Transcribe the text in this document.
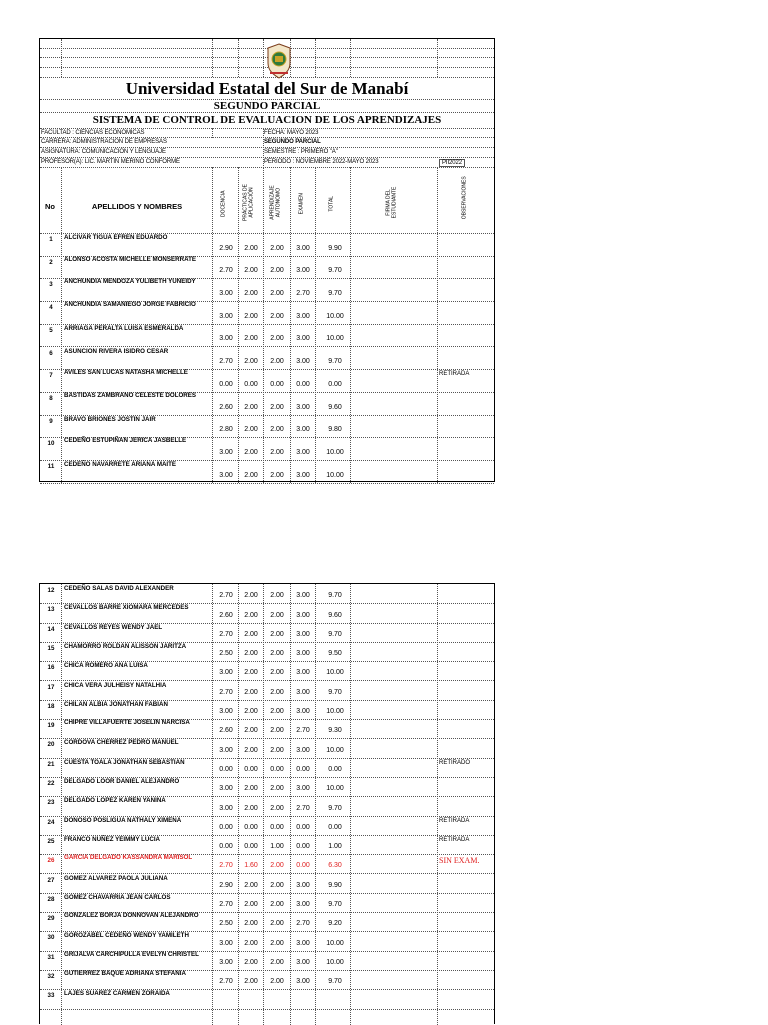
Universidad Estatal del Sur de Manabí
SEGUNDO PARCIAL
SISTEMA DE CONTROL DE EVALUACION DE LOS APRENDIZAJES
FACULTAD : CIENCIAS ECONOMICAS
CARRERA: ADMINISTRACION DE EMPRESAS
ASIGNATURA: COMUNICACIÓN Y LENGUAJE
PROFESOR(A): LIC. MARTIN MERINO CONFORME
FECHA: MAYO 2023
SEGUNDO PARCIAL
SEMESTRE : PRIMERO "A"
PERIODO : NOVIEMBRE 2022-MAYO 2023	PII2022
No	APELLIDOS Y NOMBRES	DOCENCIA	PRÁCTICAS DE APLICACIÓN	APRENDIZAJE AUTONOMO	EXAMEN	TOTAL	FIRMA DEL ESTUDIANTE	OBSERVACIONES
1	ALCIVAR TIGUA EFREN EDUARDO
2.90	2.00	2.00	3.00	9.90
2	ALONSO ACOSTA MICHELLE MONSERRATE
2.70	2.00	2.00	3.00	9.70
3	ANCHUNDIA MENDOZA YULIBETH YUNEIDY
3.00	2.00	2.00	2.70	9.70
4	ANCHUNDIA SAMANIEGO JORGE FABRICIO
3.00	2.00	2.00	3.00	10.00
5	ARRIAGA PERALTA LUISA ESMERALDA
3.00	2.00	2.00	3.00	10.00
6	ASUNCION RIVERA ISIDRO CESAR
2.70	2.00	2.00	3.00	9.70
7	AVILES SAN LUCAS NATASHA MICHELLE
0.00	0.00	0.00	0.00	0.00
RETIRADA
8	BASTIDAS ZAMBRANO CELESTE DOLORES
2.60	2.00	2.00	3.00	9.60
9	BRAVO BRIONES JOSTIN JAIR
2.80	2.00	2.00	3.00	9.80
10	CEDEÑO ESTUPIÑAN JERICA JASBELLE
3.00	2.00	2.00	3.00	10.00
11	CEDEÑO NAVARRETE ARIANA MAITE
3.00	2.00	2.00	3.00	10.00
12	CEDEÑO SALAS DAVID ALEXANDER
2.70	2.00	2.00	3.00	9.70
13	CEVALLOS BARRE XIOMARA MERCEDES
2.60	2.00	2.00	3.00	9.60
14	CEVALLOS REYES WENDY JAEL
2.70	2.00	2.00	3.00	9.70
15	CHAMORRO ROLDAN ALISSON JARITZA
2.50	2.00	2.00	3.00	9.50
16	CHICA ROMERO ANA LUISA
3.00	2.00	2.00	3.00	10.00
17	CHICA VERA JULHEISY NATALHIA
2.70	2.00	2.00	3.00	9.70
18	CHILAN ALBIA JONATHAN FABIAN
3.00	2.00	2.00	3.00	10.00
19	CHIPRE VILLAFUERTE JOSELIN NARCISA
2.60	2.00	2.00	2.70	9.30
20	CORDOVA CHERREZ PEDRO MANUEL
3.00	2.00	2.00	3.00	10.00
21	CUESTA TOALA JONATHAN SEBASTIAN
0.00	0.00	0.00	0.00	0.00
RETIRADO
22	DELGADO LOOR DANIEL ALEJANDRO
3.00	2.00	2.00	3.00	10.00
23	DELGADO LOPEZ KAREN YANINA
3.00	2.00	2.00	2.70	9.70
24	DONOSO POSLIGUA NATHALY XIMENA
0.00	0.00	0.00	0.00	0.00
RETIRADA
25	FRANCO NUÑEZ YEIMMY LUCIA
0.00	0.00	1.00	0.00	1.00
RETIRADA
26	GARCIA DELGADO KASSANDRA MARISOL
2.70	1.60	2.00	0.00	6.30
SIN EXAM.
27	GOMEZ ALVAREZ PAOLA JULIANA
2.90	2.00	2.00	3.00	9.90
28	GOMEZ CHAVARRIA JEAN CARLOS
2.70	2.00	2.00	3.00	9.70
29	GONZALEZ BORJA DONNOVAN ALEJANDRO
2.50	2.00	2.00	2.70	9.20
30	GOROZABEL CEDEÑO WENDY YAMILETH
3.00	2.00	2.00	3.00	10.00
31	GRIJALVA CARCHIPULLA EVELYN CHRISTEL
3.00	2.00	2.00	3.00	10.00
32	GUTIERREZ BAQUE ADRIANA STEFANIA
2.70	2.00	2.00	3.00	9.70
33	LAJES SUAREZ CARMEN ZORAIDA
